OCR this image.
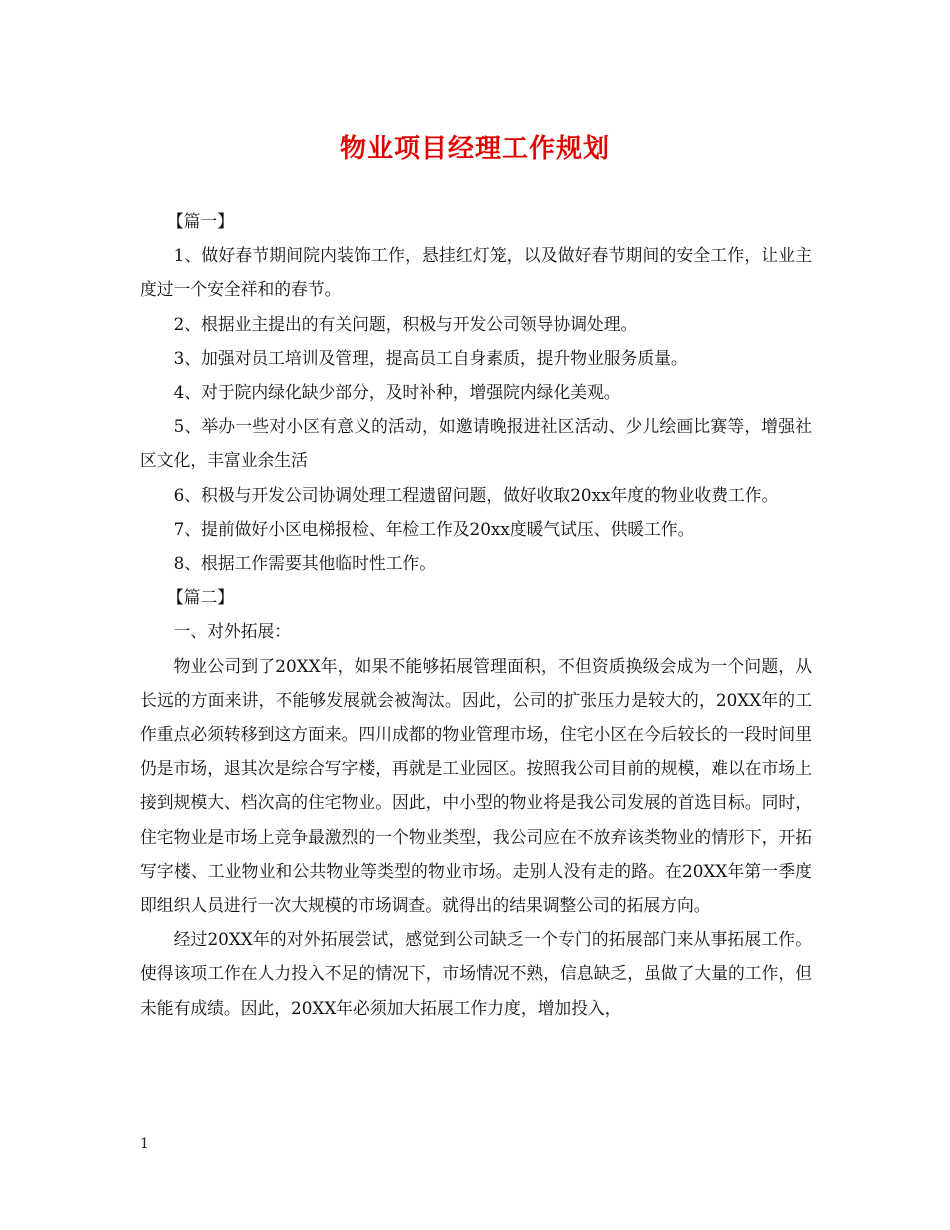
物业项目经理工作规划

【篇一】

1、做好春节期间院内装饰工作，悬挂红灯笼，以及做好春节期间的安全工作，让业主度过一个安全祥和的春节。

2、根据业主提出的有关问题，积极与开发公司领导协调处理。

3、加强对员工培训及管理，提高员工自身素质，提升物业服务质量。

4、对于院内绿化缺少部分，及时补种，增强院内绿化美观。

5、举办一些对小区有意义的活动，如邀请晚报进社区活动、少儿绘画比赛等，增强社区文化，丰富业余生活

6、积极与开发公司协调处理工程遗留问题，做好收取20xx年度的物业收费工作。

7、提前做好小区电梯报检、年检工作及20xx度暖气试压、供暖工作。

8、根据工作需要其他临时性工作。

【篇二】

一、对外拓展：

物业公司到了20XX年，如果不能够拓展管理面积，不但资质换级会成为一个问题，从长远的方面来讲，不能够发展就会被淘汰。因此，公司的扩张压力是较大的，20XX年的工作重点必须转移到这方面来。四川成都的物业管理市场，住宅小区在今后较长的一段时间里仍是市场，退其次是综合写字楼，再就是工业园区。按照我公司目前的规模，难以在市场上接到规模大、档次高的住宅物业。因此，中小型的物业将是我公司发展的首选目标。同时，住宅物业是市场上竞争最激烈的一个物业类型，我公司应在不放弃该类物业的情形下，开拓写字楼、工业物业和公共物业等类型的物业市场。走别人没有走的路。在20XX年第一季度即组织人员进行一次大规模的市场调查。就得出的结果调整公司的拓展方向。

经过20XX年的对外拓展尝试，感觉到公司缺乏一个专门的拓展部门来从事拓展工作。使得该项工作在人力投入不足的情况下，市场情况不熟，信息缺乏，虽做了大量的工作，但未能有成绩。因此，20XX年必须加大拓展工作力度，增加投入，

1
